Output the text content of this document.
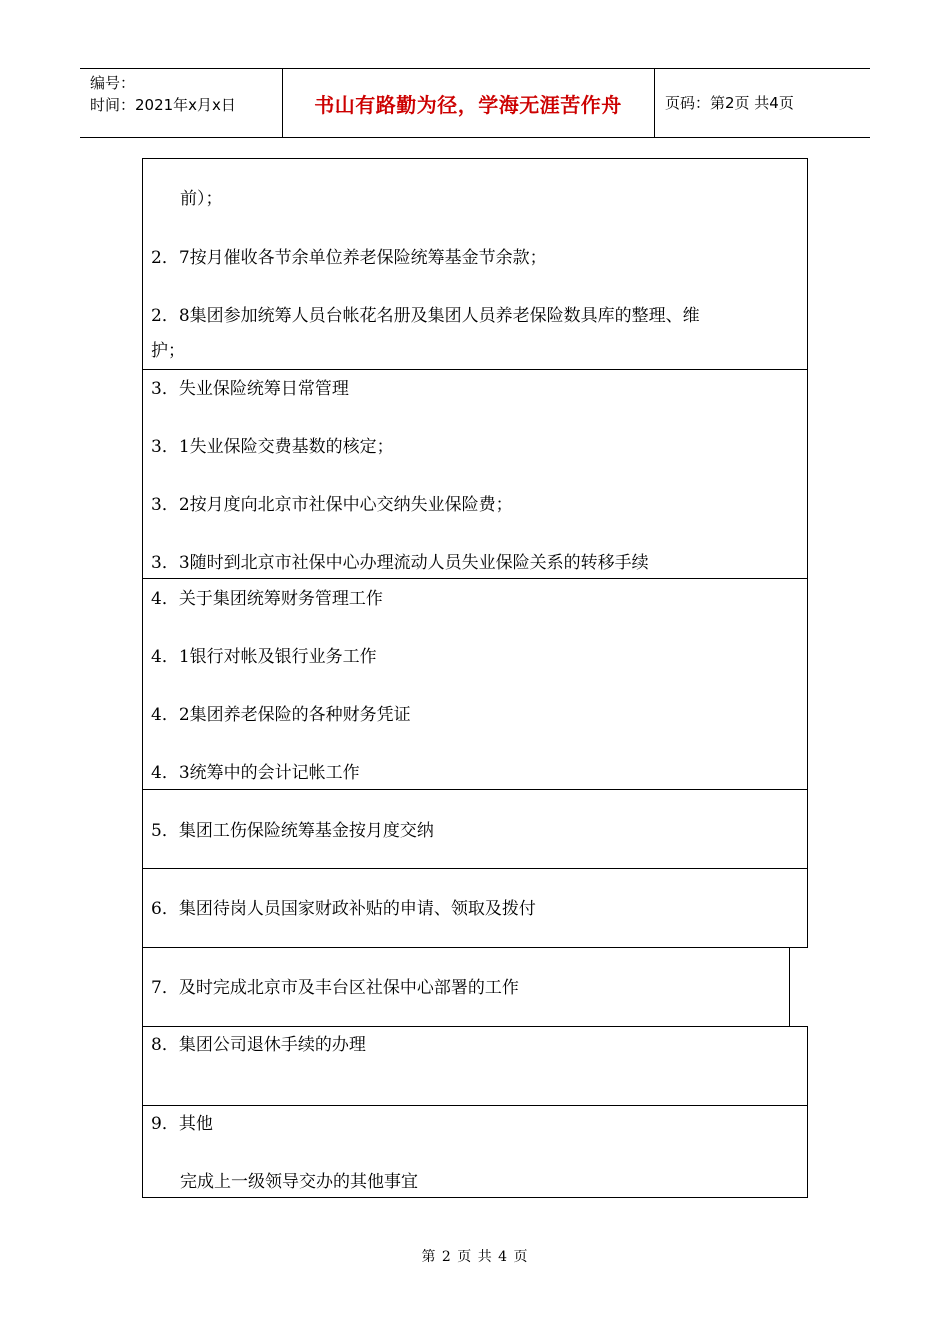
编号：
时间：2021年x月x日	书山有路勤为径，学海无涯苦作舟	页码：第2页 共4页
前）；
2．7按月催收各节余单位养老保险统筹基金节余款；
2．8集团参加统筹人员台帐花名册及集团人员养老保险数具库的整理、维
护；
3．失业保险统筹日常管理
3．1失业保险交费基数的核定；
3．2按月度向北京市社保中心交纳失业保险费；
3．3随时到北京市社保中心办理流动人员失业保险关系的转移手续
4．关于集团统筹财务管理工作
4．1银行对帐及银行业务工作
4．2集团养老保险的各种财务凭证
4．3统筹中的会计记帐工作
5．集团工伤保险统筹基金按月度交纳
6．集团待岗人员国家财政补贴的申请、领取及拨付
7．及时完成北京市及丰台区社保中心部署的工作
8．集团公司退休手续的办理
9．其他
完成上一级领导交办的其他事宜
第 2 页 共 4 页
